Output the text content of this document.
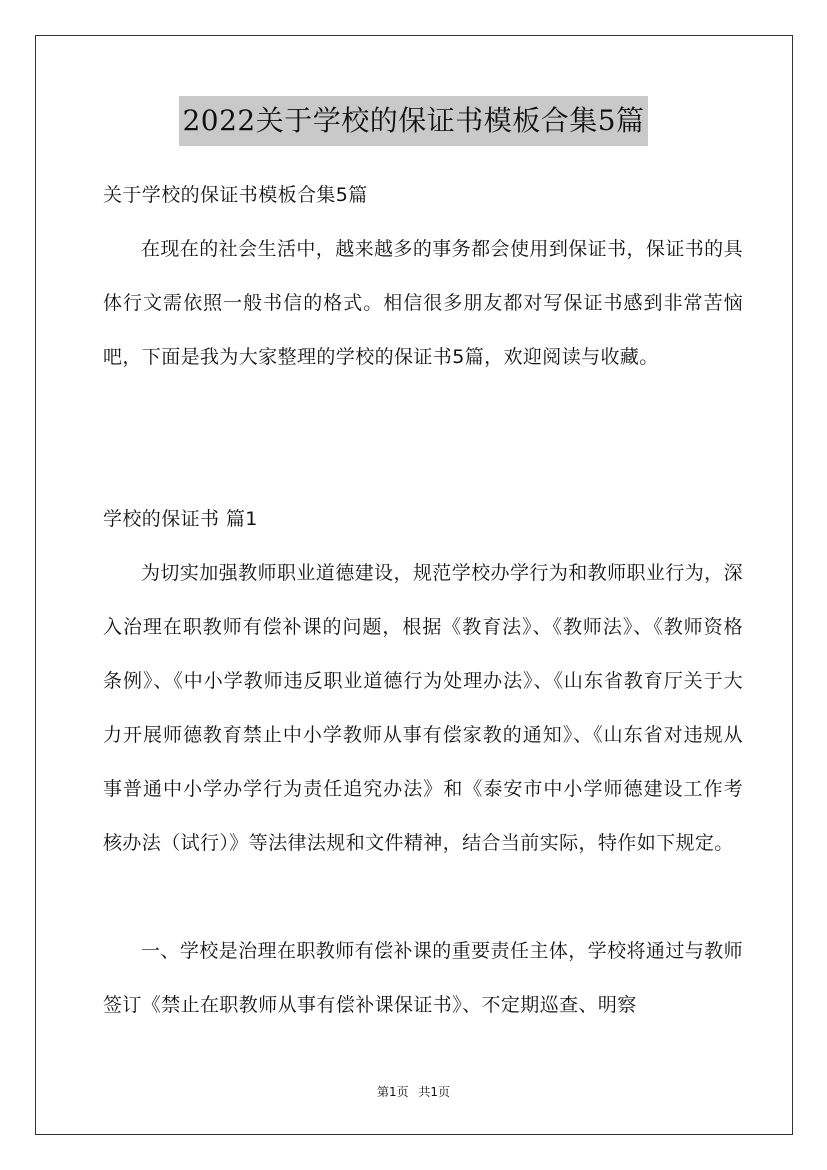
2022关于学校的保证书模板合集5篇

关于学校的保证书模板合集5篇

在现在的社会生活中，越来越多的事务都会使用到保证书，保证书的具体行文需依照一般书信的格式。相信很多朋友都对写保证书感到非常苦恼吧，下面是我为大家整理的学校的保证书5篇，欢迎阅读与收藏。

学校的保证书 篇1

为切实加强教师职业道德建设，规范学校办学行为和教师职业行为，深入治理在职教师有偿补课的问题，根据《教育法》、《教师法》、《教师资格条例》、《中小学教师违反职业道德行为处理办法》、《山东省教育厅关于大力开展师德教育禁止中小学教师从事有偿家教的通知》、《山东省对违规从事普通中小学办学行为责任追究办法》和《泰安市中小学师德建设工作考核办法（试行）》等法律法规和文件精神，结合当前实际，特作如下规定。

一、学校是治理在职教师有偿补课的重要责任主体，学校将通过与教师签订《禁止在职教师从事有偿补课保证书》、不定期巡查、明察

第1页 共1页
